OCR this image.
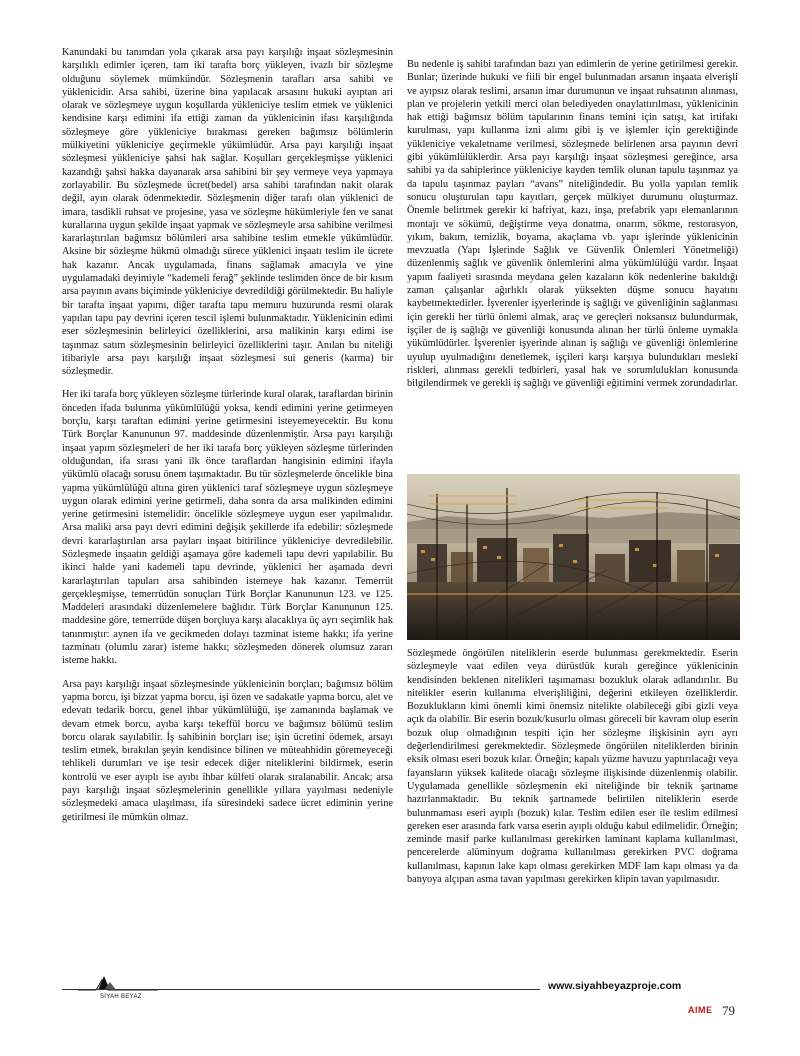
Kanundaki bu tanımdan yola çıkarak arsa payı karşılığı inşaat sözleşmesinin karşılıklı edimler içeren, tam iki tarafta borç yükleyen, ivazlı bir sözleşme olduğunu söylemek mümkündür. Sözleşmenin tarafları arsa sahibi ve yüklenicidir. Arsa sahibi, üzerine bina yapılacak arsasını hukuki ayıptan ari olarak ve sözleşmeye uygun koşullarda yükleniciye teslim etmek ve yüklenici kendisine karşı edimini ifa ettiği zaman da yüklenicinin ifası karşılığında sözleşmeye göre yükleniciye bırakması gereken bağımsız bölümlerin mülkiyetini yükleniciye geçirmekle yükümlüdür. Arsa payı karşılığı inşaat sözleşmesi yükleniciye şahsi hak sağlar. Koşulları gerçekleşmişse yüklenici kazandığı şahsi hakka dayanarak arsa sahibini bir şey vermeye veya yapmaya zorlayabilir. Bu sözleşmede ücret(bedel) arsa sahibi tarafından nakit olarak değil, ayın olarak ödenmektedir. Sözleşmenin diğer tarafı olan yüklenici de imara, tasdikli ruhsat ve projesine, yasa ve sözleşme hükümleriyle fen ve sanat kurallarına uygun şekilde inşaat yapmak ve sözleşmeyle arsa sahibine verilmesi kararlaştırılan bağımsız bölümleri arsa sahibine teslim etmekle yükümlüdür. Aksine bir sözleşme hükmü olmadığı sürece yüklenici inşaatı teslim ile ücrete hak kazanır. Ancak uygulamada, finans sağlamak amacıyla ve yine uygulamadaki deyimiyle “kademeli ferağ” şeklinde teslimden önce de bir kısım arsa payının avans biçiminde yükleniciye devredildiği görülmektedir. Bu haliyle bir tarafta inşaat yapımı, diğer tarafta tapu memuru huzurunda resmi olarak yapılan tapu pay devrini içeren tescil işlemi bulunmaktadır. Yüklenicinin edimi eser sözleşmesinin belirleyici özelliklerini, arsa malikinin karşı edimi ise taşınmaz satım sözleşmesinin belirleyici özelliklerini taşır. Anılan bu niteliği itibariyle arsa payı karşılığı inşaat sözleşmesi sui generis (karma) bir sözleşmedir.

Her iki tarafa borç yükleyen sözleşme türlerinde kural olarak, taraflardan birinin önceden ifada bulunma yükümlülüğü yoksa, kendi edimini yerine getirmeyen borçlu, karşı taraftan edimini yerine getirmesini isteyemeyecektir. Bu konu Türk Borçlar Kanununun 97. maddesinde düzenlenmiştir. Arsa payı karşılığı inşaat yapım sözleşmeleri de her iki tarafa borç yükleyen sözleşme türlerinden olduğundan, ifa sırası yani ilk önce taraflardan hangisinin edimini ifayla yükümlü olacağı sorusu önem taşımaktadır. Bu tür sözleşmelerde öncelikle bina yapma yükümlülüğü altına giren yüklenici taraf sözleşmeye uygun sözleşmeye uygun olarak edimini yerine getirmeli, daha sonra da arsa malikinden edimini yerine getirmesini istemelidir: öncelikle sözleşmeye uygun eser yapılmalıdır. Arsa maliki arsa payı devri edimini değişik şekillerde ifa edebilir: sözleşmede devri kararlaştırılan arsa payları inşaat bitirilince yükleniciye devredilebilir. Sözleşmede inşaatın geldiği aşamaya göre kademeli tapu devri yapılabilir. Bu ikinci halde yani kademeli tapu devrinde, yüklenici her aşamada devri kararlaştırılan tapuları arsa sahibinden istemeye hak kazanır. Temerrüt gerçekleşmişse, temerrüdün sonuçları Türk Borçlar Kanununun 123. ve 125. Maddeleri arasındaki düzenlemelere bağlıdır. Türk Borçlar Kanununun 125. maddesine göre, temerrüde düşen borçluya karşı alacaklıya üç ayrı seçimlik hak tanınmıştır: aynen ifa ve gecikmeden dolayı tazminat isteme hakkı; ifa yerine tazminatı (olumlu zarar) isteme hakkı; sözleşmeden dönerek olumsuz zararı isteme hakkı.

Arsa payı karşılığı inşaat sözleşmesinde yüklenicinin borçları; bağımsız bölüm yapma borcu, işi bizzat yapma borcu, işi özen ve sadakatle yapma borcu, alet ve edevatı tedarik borcu, genel ihbar yükümlülüğü, işe zamanında başlamak ve devam etmek borcu, ayıba karşı tekeffül borcu ve bağımsız bölümü teslim borcu olarak sayılabilir. İş sahibinin borçları ise; işin ücretini ödemek, arsayı teslim etmek, bırakılan şeyin kendisince bilinen ve müteahhidin göremeyeceği tehlikeli durumları ve işe tesir edecek diğer niteliklerini bildirmek, eserin kontrolü ve eser ayıplı ise ayıbı ihbar külfeti olarak sıralanabilir. Ancak; arsa payı karşılığı inşaat sözleşmelerinin genellikle yıllara yayılması nedeniyle sözleşmedeki amaca ulaşılması, ifa süresindeki sadece ücret ediminin yerine getirilmesi ile mümkün olmaz.

Bu nedenle iş sahibi tarafından bazı yan edimlerin de yerine getirilmesi gerekir. Bunlar; üzerinde hukuki ve fiili bir engel bulunmadan arsanın inşaata elverişli ve ayıpsız olarak teslimi, arsanın imar durumunun ve inşaat ruhsatının alınması, plan ve projelerin yetkili merci olan belediyeden onaylattırılması, yüklenicinin hak ettiği bağımsız bölüm tapularının finans temini için satışı, kat irtifakı kurulması, yapı kullanma izni alımı gibi iş ve işlemler için gerektiğinde yükleniciye vekaletname verilmesi, sözleşmede belirlenen arsa payının devri gibi yükümlülüklerdir. Arsa payı karşılığı inşaat sözleşmesi gereğince, arsa sahibi ya da sahiplerince yükleniciye kayden temlik olunan tapulu taşınmaz ya da tapulu taşınmaz payları “avans” niteliğindedir. Bu yolla yapılan temlik sonucu oluşturulan tapu kayıtları, gerçek mülkiyet durumunu oluşturmaz. Önemle belirtmek gerekir ki hafriyat, kazı, inşa, prefabrik yapı elemanlarının montajı ve sökümü, değiştirme veya donatma, onarım, sökme, restorasyon, yıkım, bakım, temizlik, boyama, akaçlama vb. yapı işlerinde yüklenicinin mevzuatla (Yapı İşlerinde Sağlık ve Güvenlik Önlemleri Yönetmeliği) düzenlenmiş sağlık ve güvenlik önlemlerini alma yükümlülüğü vardır. İnşaat yapım faaliyeti sırasında meydana gelen kazaların kök nedenlerine bakıldığı zaman çalışanlar ağırlıklı olarak yüksekten düşme sonucu hayatını kaybetmektedirler. İşverenler işyerlerinde iş sağlığı ve güvenliğinin sağlanması için gerekli her türlü önlemi almak, araç ve gereçleri noksansız bulundurmak, işçiler de iş sağlığı ve güvenliği konusunda alınan her türlü önleme uymakla yükümlüdürler. İşverenler işyerinde alınan iş sağlığı ve güvenliği önlemlerine uyulup uyulmadığını denetlemek, işçileri karşı karşıya bulundukları mesleki riskleri, alınması gerekli tedbirleri, yasal hak ve sorumlulukları konusunda bilgilendirmek ve gerekli iş sağlığı ve güvenliği eğitimini vermek zorundadırlar.

Sözleşmede öngörülen niteliklerin eserde bulunması gerekmektedir. Eserin sözleşmeyle vaat edilen veya dürüstlük kuralı gereğince yüklenicinin kendisinden beklenen nitelikleri taşımaması bozukluk olarak adlandırılır. Bu nitelikler eserin kullanıma elverişliliğini, değerini etkileyen özelliklerdir. Bozuklukların kimi önemli kimi önemsiz nitelikte olabileceği gibi gizli veya açık da olabilir. Bir eserin bozuk/kusurlu olması göreceli bir kavram olup eserin bozuk olup olmadığının tespiti için her sözleşme ilişkisinin ayrı ayrı değerlendirilmesi gerekmektedir. Sözleşmede öngörülen niteliklerden birinin eksik olması eseri bozuk kılar. Örneğin; kapalı yüzme havuzu yaptırılacağı veya fayansların yüksek kalitede olacağı sözleşme ilişkisinde düzenlenmiş olabilir. Uygulamada genellikle sözleşmenin eki niteliğinde bir teknik şartname hazırlanmaktadır. Bu teknik şartnamede belirtilen niteliklerin eserde bulunmaması eseri ayıplı (bozuk) kılar. Teslim edilen eser ile teslim edilmesi gereken eser arasında fark varsa eserin ayıplı olduğu kabul edilmelidir. Örneğin; zeminde masif parke kullanılması gerekirken laminant kaplama kullanılması, pencerelerde alüminyum doğrama kullanılması gerekirken PVC doğrama kullanılması, kapının lake kapı olması gerekirken MDF lam kapı olması ya da banyoya alçıpan asma tavan yapılması gerekirken klipin tavan yapılmasıdır.

SİYAH BEYAZ
www.siyahbeyazproje.com
AIME 79
